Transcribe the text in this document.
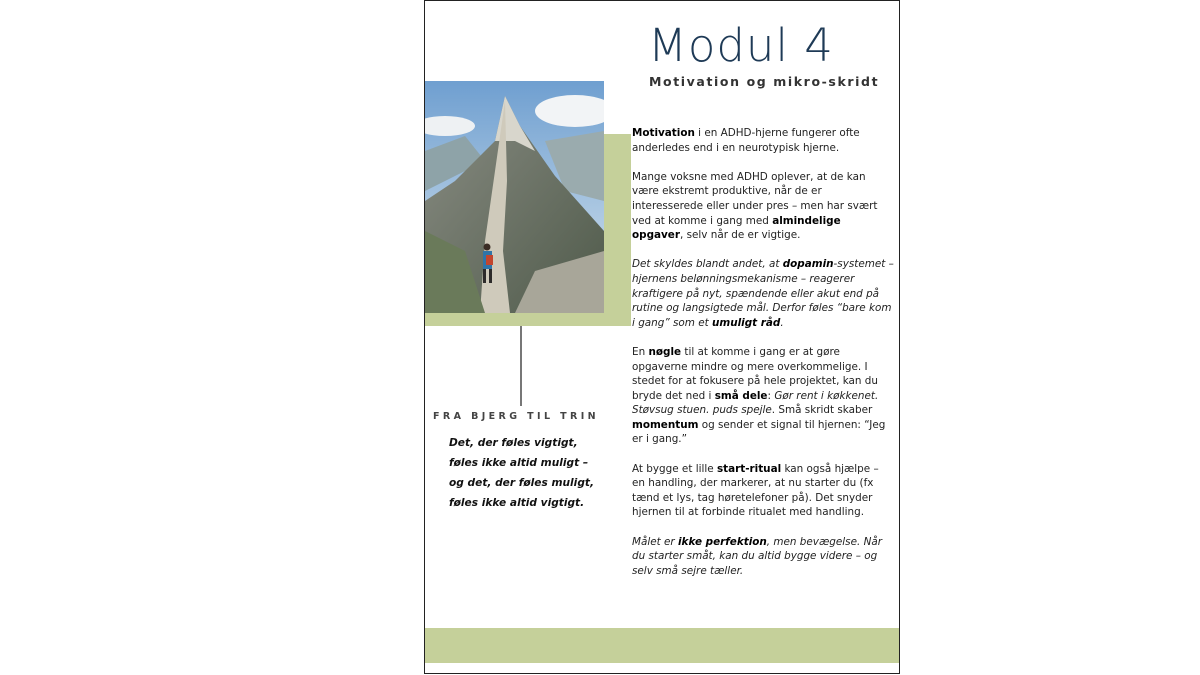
Modul 4
Motivation og mikro-skridt
FRA BJERG TIL TRIN
Det, der føles vigtigt,
føles ikke altid muligt –
og det, der føles muligt,
føles ikke altid vigtigt.

Motivation i en ADHD-hjerne fungerer ofte anderledes end i en neurotypisk hjerne.

Mange voksne med ADHD oplever, at de kan være ekstremt produktive, når de er interesserede eller under pres – men har svært ved at komme i gang med almindelige opgaver, selv når de er vigtige.

Det skyldes blandt andet, at dopamin-systemet – hjernens belønningsmekanisme – reagerer kraftigere på nyt, spændende eller akut end på rutine og langsigtede mål. Derfor føles “bare kom i gang” som et umuligt råd.

En nøgle til at komme i gang er at gøre opgaverne mindre og mere overkommelige. I stedet for at fokusere på hele projektet, kan du bryde det ned i små dele: Gør rent i køkkenet. Støvsug stuen. puds spejle. Små skridt skaber momentum og sender et signal til hjernen: “Jeg er i gang.”

At bygge et lille start-ritual kan også hjælpe – en handling, der markerer, at nu starter du (fx tænd et lys, tag høretelefoner på). Det snyder hjernen til at forbinde ritualet med handling.

Målet er ikke perfektion, men bevægelse. Når du starter småt, kan du altid bygge videre – og selv små sejre tæller.
